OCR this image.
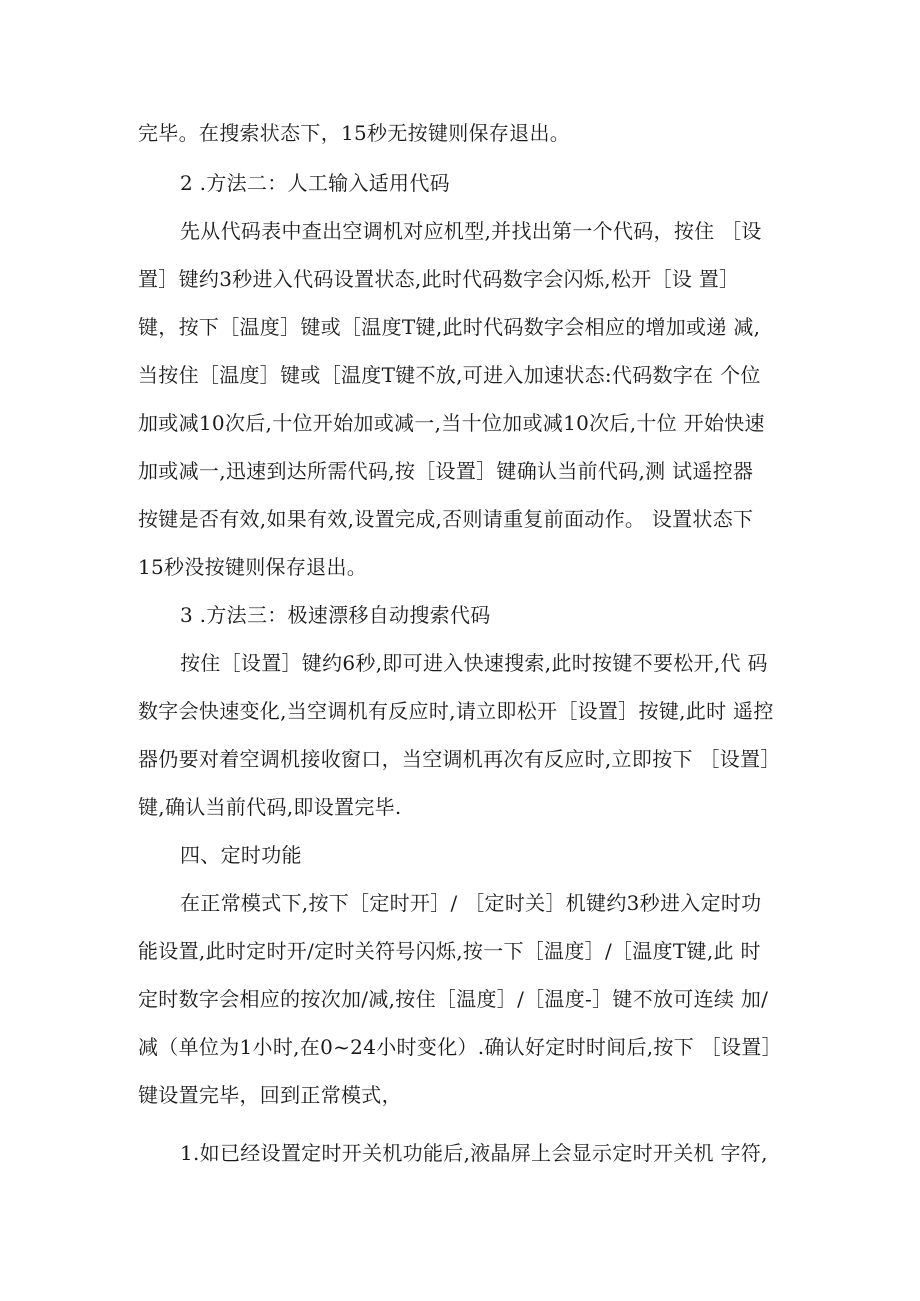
完毕。在搜索状态下，15秒无按键则保存退出。
2 .方法二：人工输入适用代码
先从代码表中查出空调机对应机型,并找出第一个代码，按住 ［设
置］键约3秒进入代码设置状态,此时代码数字会闪烁,松开［设 置］
键，按下［温度］键或［温度T键,此时代码数字会相应的增加或递 减,
当按住［温度］键或［温度T键不放,可进入加速状态:代码数字在 个位
加或减10次后,十位开始加或减一,当十位加或减10次后,十位 开始快速
加或减一,迅速到达所需代码,按［设置］键确认当前代码,测 试遥控器
按键是否有效,如果有效,设置完成,否则请重复前面动作。 设置状态下
15秒没按键则保存退出。
3 .方法三：极速漂移自动搜索代码
按住［设置］键约6秒,即可进入快速搜索,此时按键不要松开,代 码
数字会快速变化,当空调机有反应时,请立即松开［设置］按键,此时 遥控
器仍要对着空调机接收窗口，当空调机再次有反应时,立即按下 ［设置］
键,确认当前代码,即设置完毕.
四、定时功能
在正常模式下,按下［定时开］/ ［定时关］机键约3秒进入定时功
能设置,此时定时开/定时关符号闪烁,按一下［温度］/［温度T键,此 时
定时数字会相应的按次加/减,按住［温度］/［温度-］键不放可连续 加/
减（单位为1小时,在0~24小时变化）.确认好定时时间后,按下 ［设置］
键设置完毕，回到正常模式，
1.如已经设置定时开关机功能后,液晶屏上会显示定时开关机 字符,
